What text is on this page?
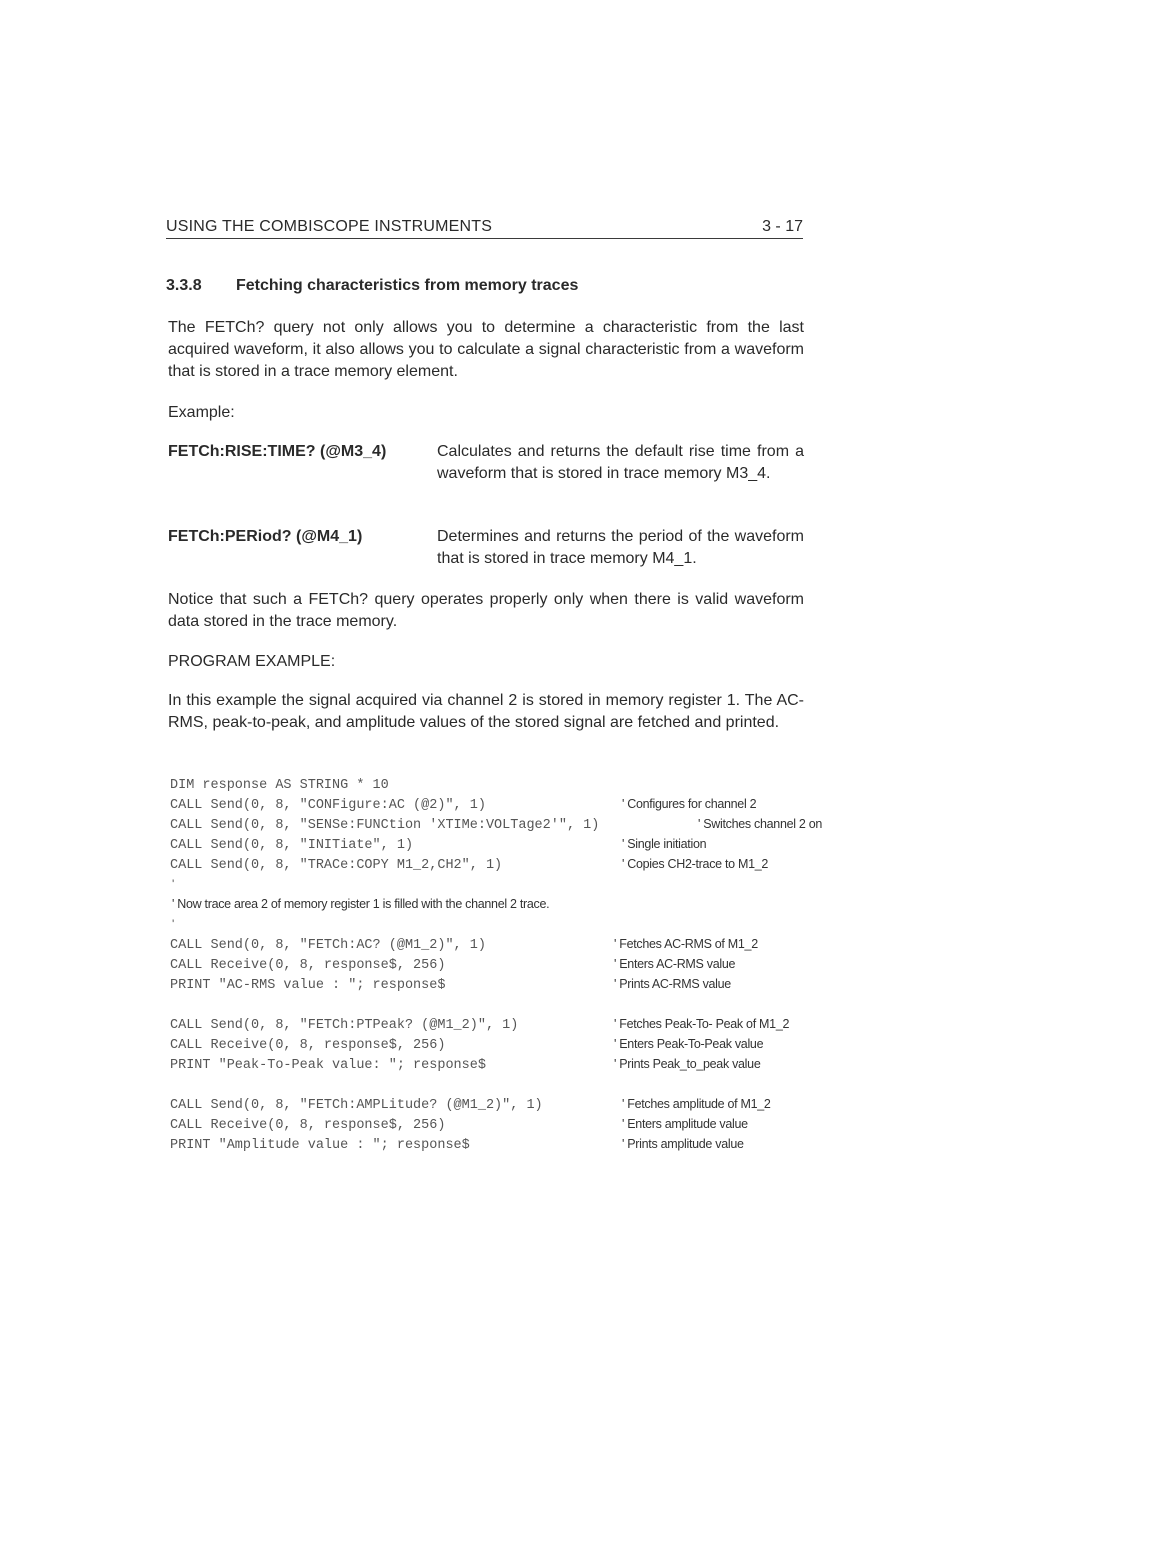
USING THE COMBISCOPE INSTRUMENTS	3 - 17
3.3.8 Fetching characteristics from memory traces
The FETCh? query not only allows you to determine a characteristic from the last acquired waveform, it also allows you to calculate a signal characteristic from a waveform that is stored in a trace memory element.
Example:
FETCh:RISE:TIME? (@M3_4)	Calculates and returns the default rise time from a waveform that is stored in trace memory M3_4.
FETCh:PERiod? (@M4_1)	Determines and returns the period of the waveform that is stored in trace memory M4_1.
Notice that such a FETCh? query operates properly only when there is valid waveform data stored in the trace memory.
PROGRAM EXAMPLE:
In this example the signal acquired via channel 2 is stored in memory register 1. The AC-RMS, peak-to-peak, and amplitude values of the stored signal are fetched and printed.
DIM response AS STRING * 10
CALL Send(0, 8, "CONFigure:AC (@2)", 1)	' Configures for channel 2
CALL Send(0, 8, "SENSe:FUNCtion 'XTIMe:VOLTage2'", 1)	' Switches channel 2 on
CALL Send(0, 8, "INITiate", 1)	' Single initiation
CALL Send(0, 8, "TRACe:COPY M1_2,CH2", 1)	' Copies CH2-trace to M1_2
'
' Now trace area 2 of memory register 1 is filled with the channel 2 trace.
'
CALL Send(0, 8, "FETCh:AC? (@M1_2)", 1)	' Fetches AC-RMS of M1_2
CALL Receive(0, 8, response$, 256)	' Enters AC-RMS value
PRINT "AC-RMS value : "; response$	' Prints AC-RMS value
CALL Send(0, 8, "FETCh:PTPeak? (@M1_2)", 1)	' Fetches Peak-To- Peak of M1_2
CALL Receive(0, 8, response$, 256)	' Enters Peak-To-Peak value
PRINT "Peak-To-Peak value: "; response$	' Prints Peak_to_peak value
CALL Send(0, 8, "FETCh:AMPLitude? (@M1_2)", 1)	' Fetches amplitude of M1_2
CALL Receive(0, 8, response$, 256)	' Enters amplitude value
PRINT "Amplitude value : "; response$	' Prints amplitude value
